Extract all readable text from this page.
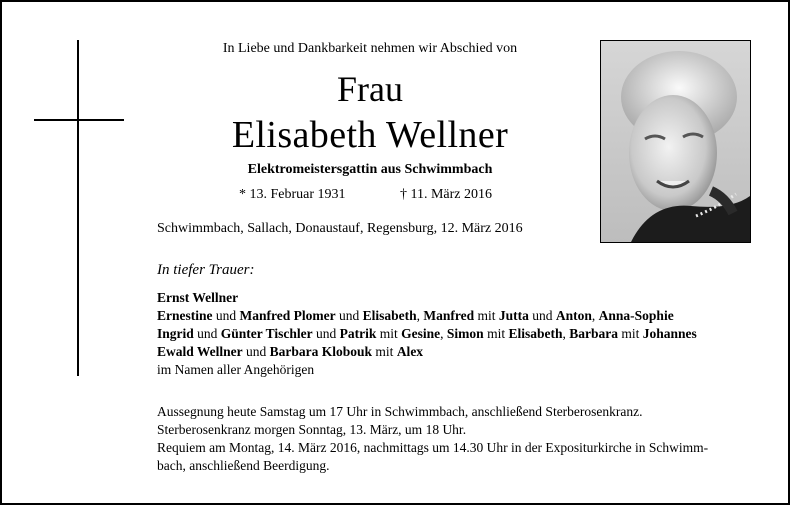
In Liebe und Dankbarkeit nehmen wir Abschied von
Frau
Elisabeth Wellner
Elektromeistersgattin aus Schwimmbach
* 13. Februar 1931	† 11. März 2016
Schwimmbach, Sallach, Donaustauf, Regensburg, 12. März 2016
In tiefer Trauer:
Ernst Wellner
Ernestine und Manfred Plomer und Elisabeth, Manfred mit Jutta und Anton, Anna-Sophie
Ingrid und Günter Tischler und Patrik mit Gesine, Simon mit Elisabeth, Barbara mit Johannes
Ewald Wellner und Barbara Klobouk mit Alex
im Namen aller Angehörigen
Aussegnung heute Samstag um 17 Uhr in Schwimmbach, anschließend Sterberosenkranz.
Sterberosenkranz morgen Sonntag, 13. März, um 18 Uhr.
Requiem am Montag, 14. März 2016, nachmittags um 14.30 Uhr in der Expositurkirche in Schwimm-
bach, anschließend Beerdigung.
